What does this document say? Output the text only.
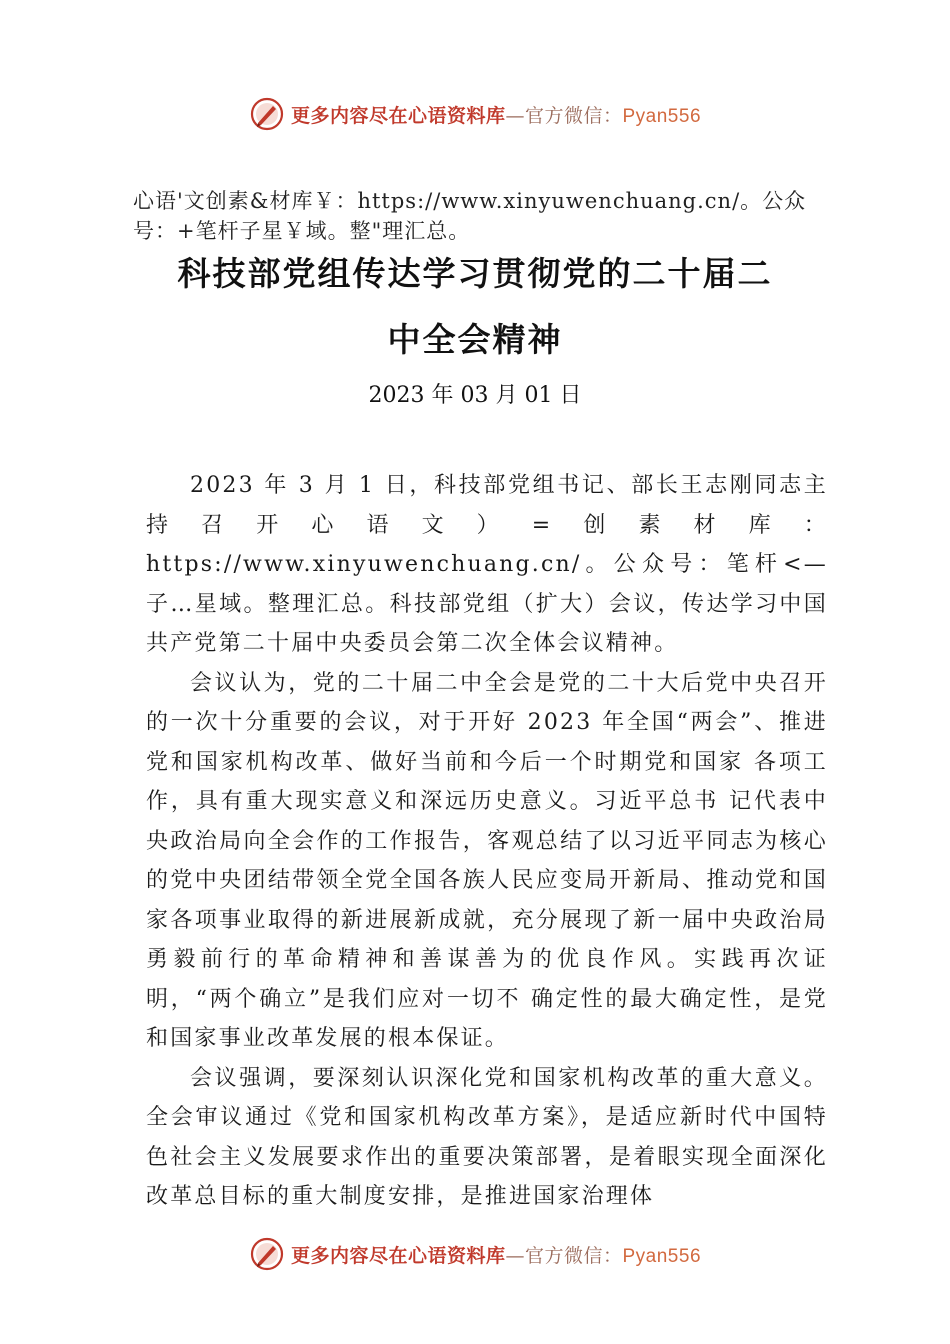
更多内容尽在心语资料库—官方微信：Pyan556

心语'文创素&材库￥：https://www.xinyuwenchuang.cn/。公众号：+笔杆子星￥域。整"理汇总。

科技部党组传达学习贯彻党的二十届二
中全会精神

2023 年 03 月 01 日

2023 年 3 月 1 日，科技部党组书记、部长王志刚同志主持召开心语文）=创素材库：https://www.xinyuwenchuang.cn/。公众号：笔杆<—子…星域。整理汇总。科技部党组（扩大）会议，传达学习中国共产党第二十届中央委员会第二次全体会议精神。

会议认为，党的二十届二中全会是党的二十大后党中央召开的一次十分重要的会议，对于开好 2023 年全国“两会”、推进党和国家机构改革、做好当前和今后一个时期党和国家 各项工作，具有重大现实意义和深远历史意义。习近平总书 记代表中央政治局向全会作的工作报告，客观总结了以习近平同志为核心的党中央团结带领全党全国各族人民应变局开新局、推动党和国家各项事业取得的新进展新成就，充分展现了新一届中央政治局勇毅前行的革命精神和善谋善为的优良作风。实践再次证明，“两个确立”是我们应对一切不 确定性的最大确定性，是党和国家事业改革发展的根本保证。

会议强调，要深刻认识深化党和国家机构改革的重大意义。全会审议通过《党和国家机构改革方案》，是适应新时代中国特色社会主义发展要求作出的重要决策部署，是着眼实现全面深化改革总目标的重大制度安排，是推进国家治理体

更多内容尽在心语资料库—官方微信：Pyan556
